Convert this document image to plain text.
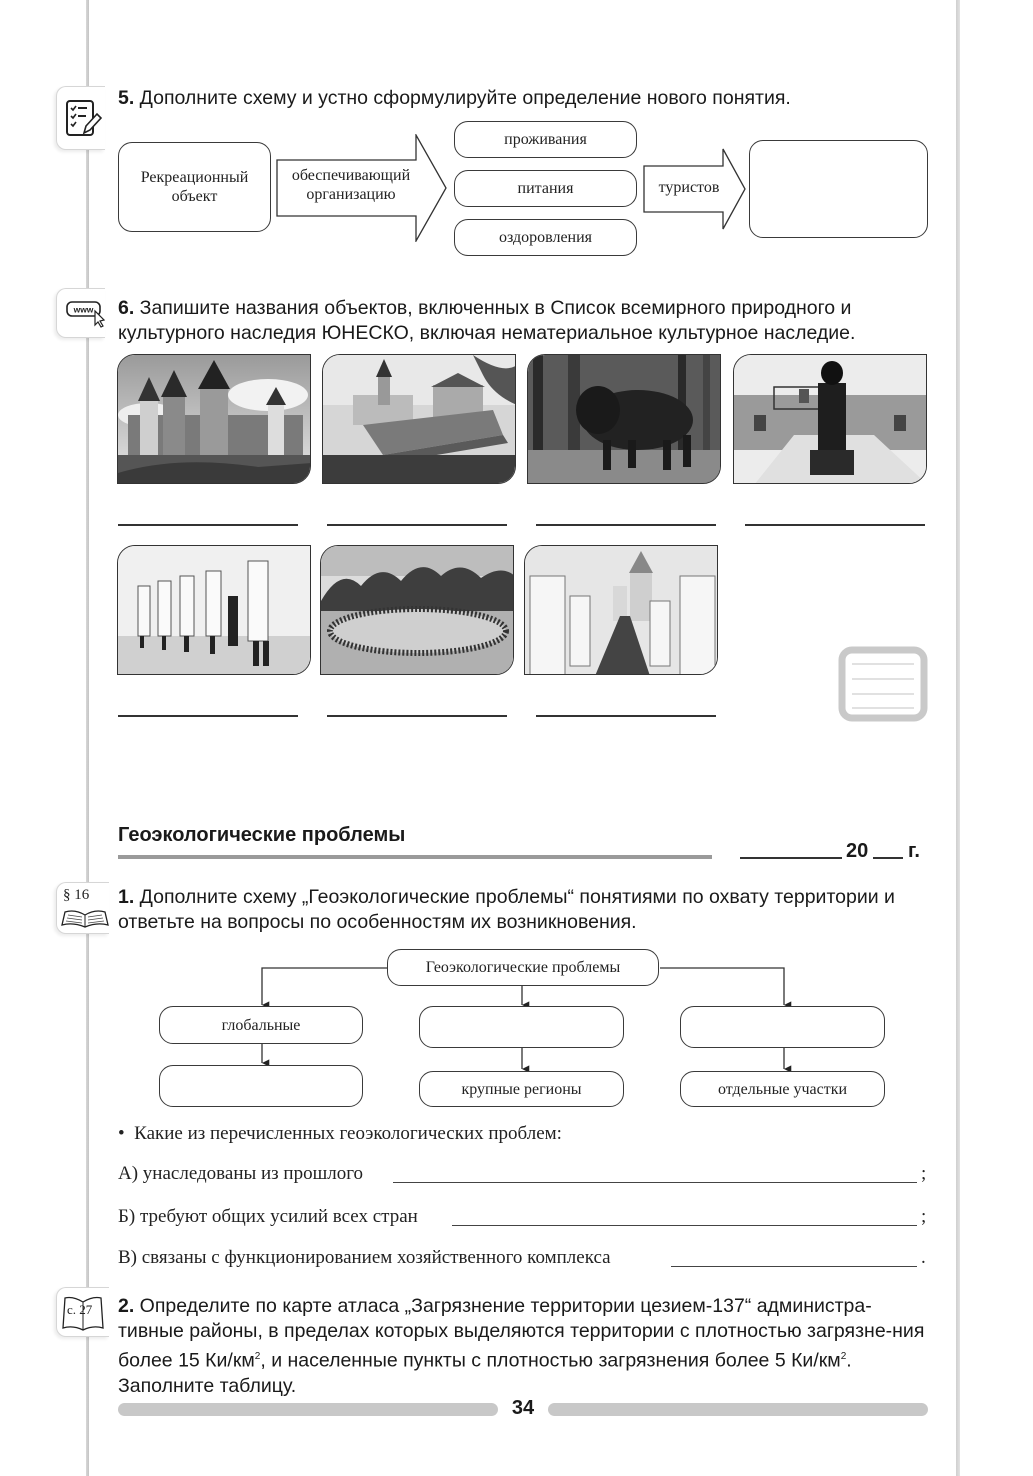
5. Дополните схему и устно сформулируйте определение нового понятия.
Рекреационный объект
обеспечивающий организацию
проживания
питания
оздоровления
туристов
www 6. Запишите названия объектов, включенных в Список всемирного природного и культурного наследия ЮНЕСКО, включая нематериальное культурное наследие.
Геоэкологические проблемы
20 г.
§ 16 1. Дополните схему „Геоэкологические проблемы“ понятиями по охвату территории и ответьте на вопросы по особенностям их возникновения.
Геоэкологические проблемы
глобальные
крупные регионы	отдельные участки
•  Какие из перечисленных геоэкологических проблем:
А) унаследованы из прошлого	;
Б) требуют общих усилий всех стран	;
В) связаны с функционированием хозяйственного комплекса	.
с. 27 2. Определите по карте атласа „Загрязнение территории цезием-137“ администра-тивные районы, в пределах которых выделяются территории с плотностью загрязне-ния более 15 $Ки/км^2$, и населенные пункты с плотностью загрязнения более 5 $Ки/км^2$. Заполните таблицу.
34
